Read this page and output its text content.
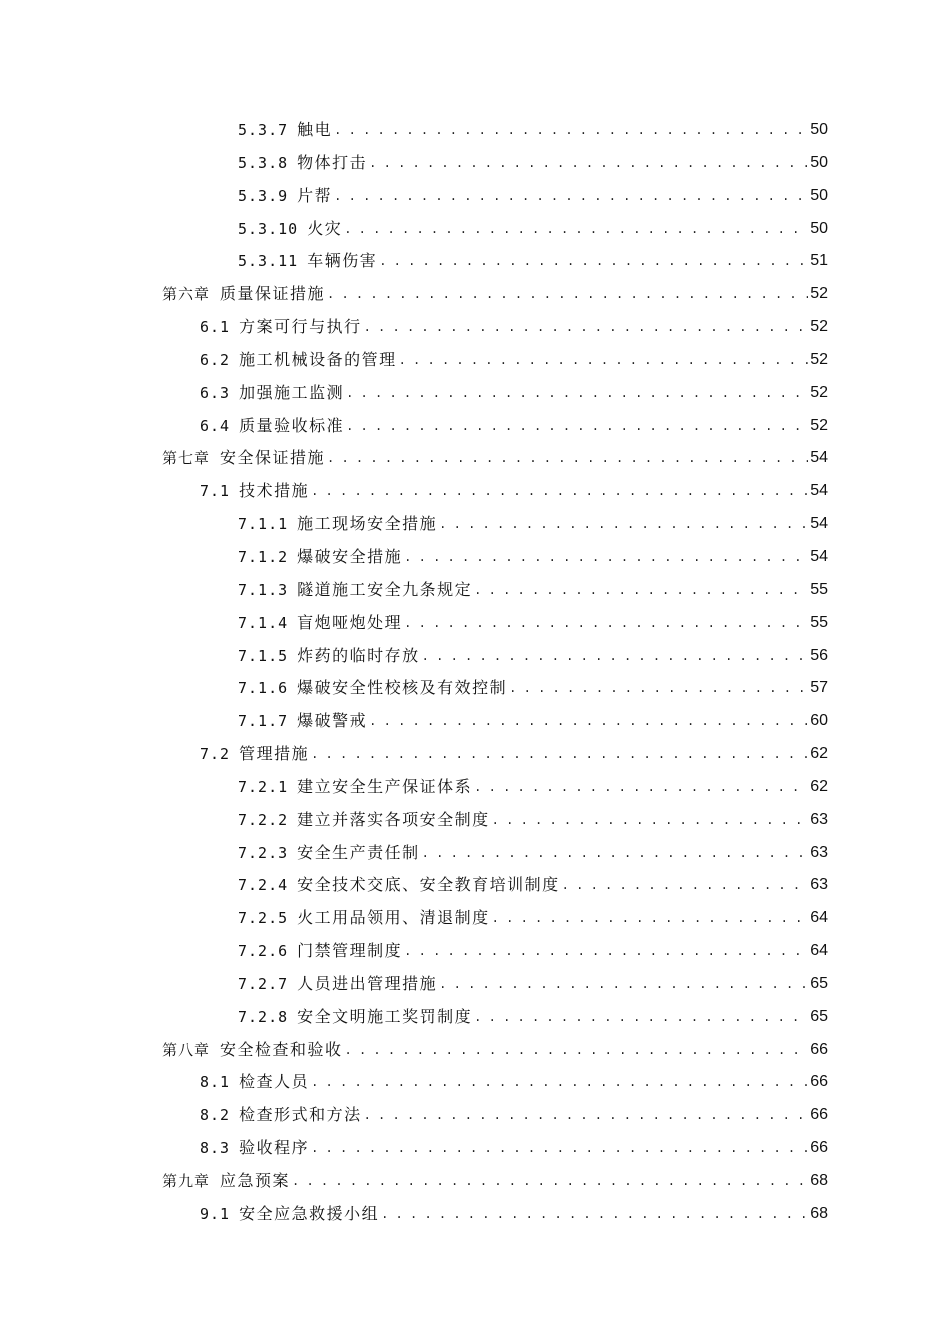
5.3.7 触电 . . .	50
5.3.8 物体打击 . . .	50
5.3.9 片帮 . . .	50
5.3.10 火灾 . . .	50
5.3.11 车辆伤害 . . .	51
第六章 质量保证措施 . . .	52
6.1 方案可行与执行 . . .	52
6.2 施工机械设备的管理 . . .	52
6.3 加强施工监测 . . .	52
6.4 质量验收标准 . . .	52
第七章 安全保证措施 . . .	54
7.1 技术措施 . . .	54
7.1.1 施工现场安全措施 . . .	54
7.1.2 爆破安全措施 . . .	54
7.1.3 隧道施工安全九条规定 . . .	55
7.1.4 盲炮哑炮处理 . . .	55
7.1.5 炸药的临时存放 . . .	56
7.1.6 爆破安全性校核及有效控制 . . .	57
7.1.7 爆破警戒 . . .	60
7.2 管理措施 . . .	62
7.2.1 建立安全生产保证体系 . . .	62
7.2.2 建立并落实各项安全制度 . . .	63
7.2.3 安全生产责任制 . . .	63
7.2.4 安全技术交底、安全教育培训制度 . . .	63
7.2.5 火工用品领用、清退制度 . . .	64
7.2.6 门禁管理制度 . . .	64
7.2.7 人员进出管理措施 . . .	65
7.2.8 安全文明施工奖罚制度 . . .	65
第八章 安全检查和验收 . . .	66
8.1 检查人员 . . .	66
8.2 检查形式和方法 . . .	66
8.3 验收程序 . . .	66
第九章 应急预案 . . .	68
9.1 安全应急救援小组 . . .	68
